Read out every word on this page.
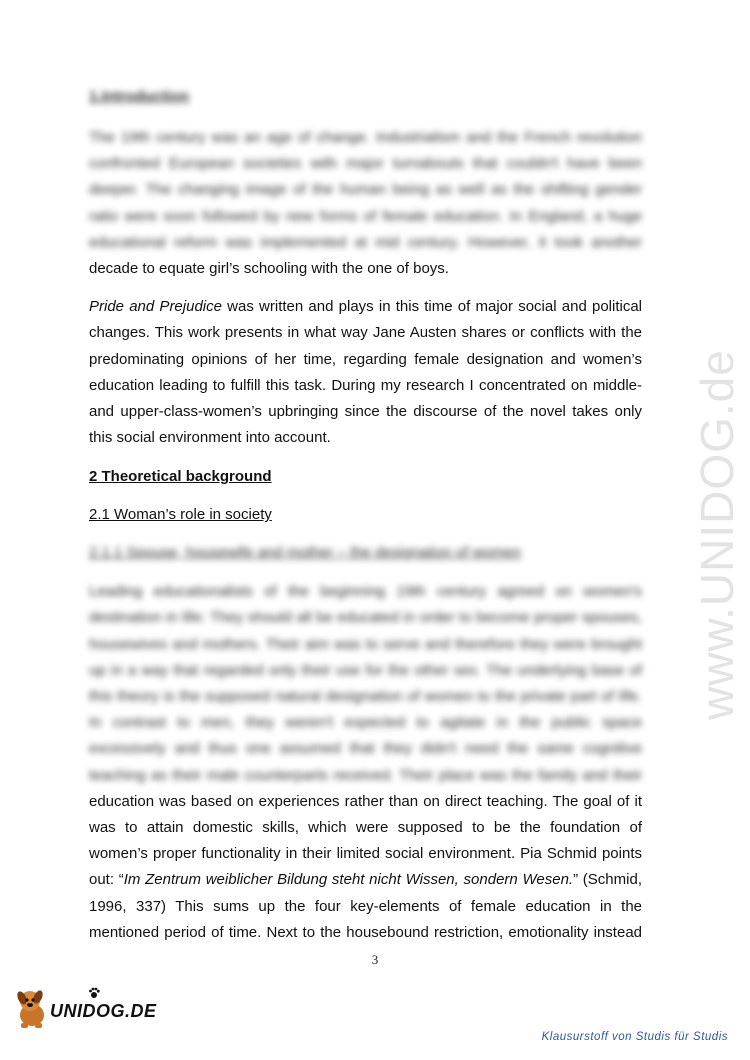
www.UNIDOG.de

1.Introduction

The 19th century was an age of change. Industrialism and the French revolution
confronted European societies with major turnabouts that couldn't have been
deeper. The changing image of the human being as well as the shifting gender
ratio were soon followed by new forms of female education. In England, a huge
educational reform was implemented at mid century. However, it took another
decade to equate girl’s schooling with the one of boys.
Pride and Prejudice was written and plays in this time of major social and political
changes. This work presents in what way Jane Austen shares or conflicts with the
predominating opinions of her time, regarding female designation and women’s
education leading to fulfill this task. During my research I concentrated on middle-
and upper-class-women’s upbringing since the discourse of the novel takes only
this social environment into account.

2 Theoretical background

2.1 Woman’s role in society

2.1.1 Spouse, housewife and mother – the designation of women

Leading educationalists of the beginning 19th century agreed on women's
destination in life: They should all be educated in order to become proper spouses,
housewives and mothers. Their aim was to serve and therefore they were brought
up in a way that regarded only their use for the other sex. The underlying base of
this theory is the supposed natural designation of women to the private part of life.
In contrast to men, they weren't expected to agitate in the public space
excessively and thus one assumed that they didn't need the same cognitive
teaching as their male counterparts received. Their place was the family and their
education was based on experiences rather than on direct teaching. The goal of it
was to attain domestic skills, which were supposed to be the foundation of
women’s proper functionality in their limited social environment. Pia Schmid points
out: “Im Zentrum weiblicher Bildung steht nicht Wissen, sondern Wesen.” (Schmid,
1996, 337) This sums up the four key-elements of female education in the
mentioned period of time. Next to the housebound restriction, emotionality instead
3
UNIDOG.DE
Klausurstoff von Studis für Studis
